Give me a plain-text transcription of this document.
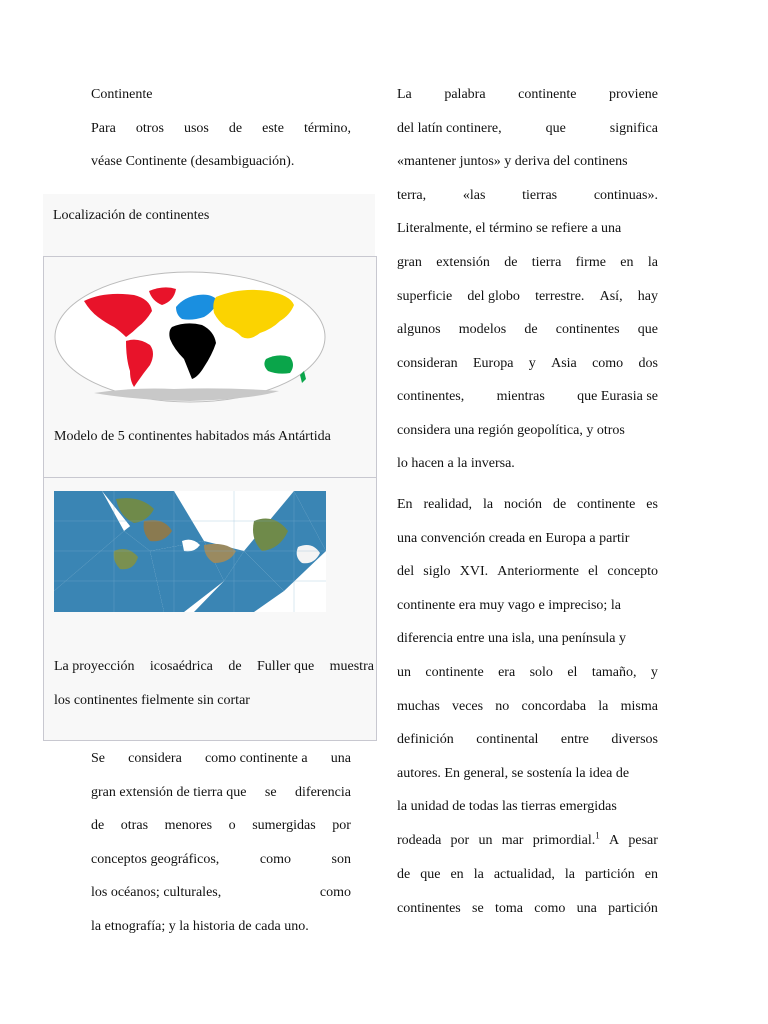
Continente
Para otros usos de este término,
véase Continente (desambiguación).
Localización de continentes
Modelo de 5 continentes habitados más Antártida
La proyección icosaédrica de Fuller que muestra
los continentes fielmente sin cortar
Se considera como continente a una
gran extensión de tierra que se diferencia
de otras menores o sumergidas por
conceptos geográficos,	como	son
los océanos; culturales,	como
la etnografía; y la historia de cada uno.
La palabra continente proviene
del latín continere,	que	significa
«mantener juntos» y deriva del continens
terra,	«las	tierras	continuas».
Literalmente, el término se refiere a una
gran extensión de tierra firme en la
superficie del globo terrestre. Así, hay
algunos modelos de continentes que
consideran Europa y Asia como dos
continentes, mientras que Eurasia se
considera una región geopolítica, y otros
lo hacen a la inversa.
En realidad, la noción de continente es
una convención creada en Europa a partir
del siglo XVI. Anteriormente el concepto
continente era muy vago e impreciso; la
diferencia entre una isla, una península y
un continente era solo el tamaño, y
muchas veces no concordaba la misma
definición continental entre diversos
autores. En general, se sostenía la idea de
la unidad de todas las tierras emergidas
rodeada por un mar primordial.$^1$ A pesar
de que en la actualidad, la partición en
continentes se toma como una partición
